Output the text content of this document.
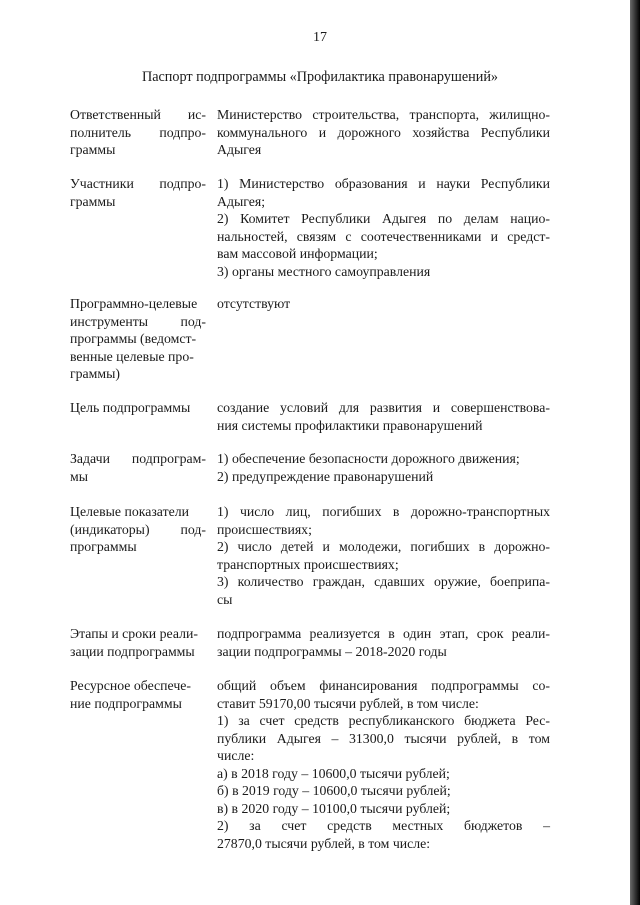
17
Паспорт подпрограммы «Профилактика правонарушений»
Ответственный ис-
полнитель подпро-
граммы
Министерство строительства, транспорта, жилищно-
коммунального и дорожного хозяйства Республики
Адыгея
Участники подпро-
граммы
1) Министерство образования и науки Республики
Адыгея;
2) Комитет Республики Адыгея по делам нацио-
нальностей, связям с соотечественниками и средст-
вам массовой информации;
3) органы местного самоуправления
Программно-целевые
инструменты под-
программы (ведомст-
венные целевые про-
граммы)
отсутствуют
Цель подпрограммы	создание условий для развития и совершенствова-
ния системы профилактики правонарушений
Задачи подпрограм-
мы
1) обеспечение безопасности дорожного движения;
2) предупреждение правонарушений
Целевые показатели
(индикаторы) под-
программы
1) число лиц, погибших в дорожно-транспортных
происшествиях;
2) число детей и молодежи, погибших в дорожно-
транспортных происшествиях;
3) количество граждан, сдавших оружие, боеприпа-
сы
Этапы и сроки реали-
зации подпрограммы
подпрограмма реализуется в один этап, срок реали-
зации подпрограммы – 2018-2020 годы
Ресурсное обеспече-
ние подпрограммы
общий объем финансирования подпрограммы со-
ставит 59170,00 тысячи рублей, в том числе:
1) за счет средств республиканского бюджета Рес-
публики Адыгея – 31300,0 тысячи рублей, в том
числе:
а) в 2018 году – 10600,0 тысячи рублей;
б) в 2019 году – 10600,0 тысячи рублей;
в) в 2020 году – 10100,0 тысячи рублей;
2) за счет средств местных бюджетов –
27870,0 тысячи рублей, в том числе:
